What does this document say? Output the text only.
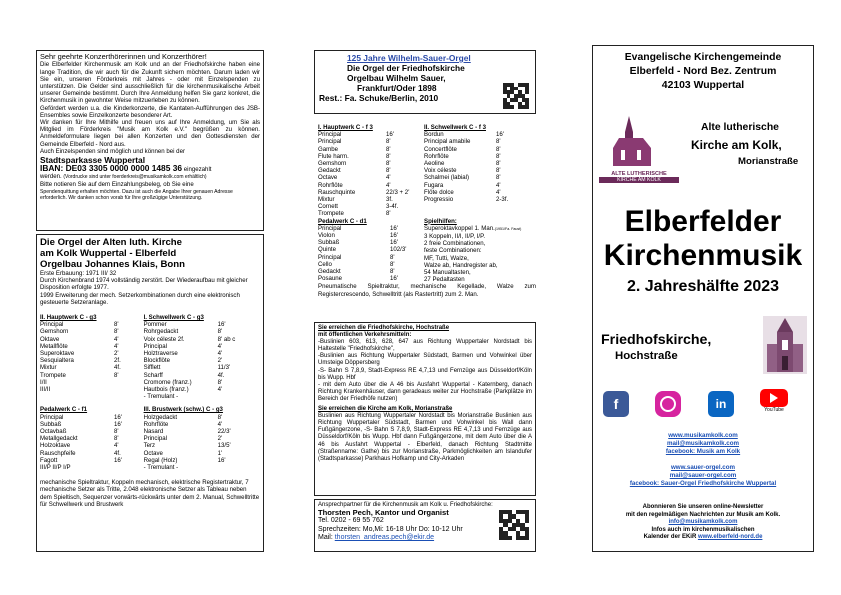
Sehr geehrte Konzerthörerinnen und Konzerthörer!
Die Elberfelder Kirchenmusik am Kolk und an der Friedhofskirche haben eine lange Tradition, die wir auch für die Zukunft sichern möchten. Darum laden wir Sie ein, unseren Förderkreis mit Jahres - oder mit Einzelspenden zu unterstützen. Die Gelder sind ausschließlich für die kirchenmusikalische Arbeit unserer Gemeinde bestimmt. Durch Ihre Anmeldung helfen Sie ganz konkret, die Kirchenmusik in gewohnter Weise mitzuerleben zu können.
Gefördert werden u.a. die Kinderkonzerte, die Kantaten-Aufführungen des JSB-Ensembles sowie Einzelkonzerte besonderer Art.
Wir danken für Ihre Mithilfe und freuen uns auf Ihre Anmeldung, um Sie als Mitglied im Förderkreis "Musik am Kolk e.V." begrüßen zu können. Anmeldeformulare liegen bei allen Konzerten und den Gottesdiensten der Gemeinde Elberfeld - Nord aus.
Auch Einzelspenden sind möglich und können bei der
Stadtsparkasse Wuppertal
IBAN: DE03 3305 0000 0000 1485 36 eingezahlt
werden. (Vordrucke sind unter foerderkreis@musikamkolk.com erhältlich)
Bitte notieren Sie auf dem Einzahlungsbeleg, ob Sie eine
Spendenquittung erhalten möchten. Dazu ist auch die Angabe Ihrer genauen Adresse erforderlich. Wir danken schon vorab für Ihre großzügige Unterstützung.
Die Orgel der Alten luth. Kirche
am Kolk Wuppertal - Elberfeld
Orgelbau Johannes Klais, Bonn
Erste Erbauung: 1971 III/ 32
Durch Kirchenbrand 1974 vollständig zerstört. Der Wiederaufbau mit gleicher Disposition erfolgte 1977.
1999 Erweiterung der mech. Setzerkombinationen durch eine elektronisch gesteuerte Setzeranlage.
II. Hauptwerk C - g3
Principal	8'
Gemshorn	8'
Oktave	4'
Metallflöte	4'
Superoktave	2'
Sesquialtera	2f.
Mixtur	4f.
Trompete	8'
I/II
III/II
I. Schwellwerk C - g3
Pommer	16'
Rohrgedackt	8'
Voix céleste 2f.	8' ab c
Principal	4'
Holztraverse	4'
Blockflöte	2'
Sifflett	11/3'
Scharff	4f.
Cromorne (franz.)	8'
Hautbois (franz.)	4'
- Tremulant -
Pedalwerk C - f1
Principal	16'
Subbaß	16'
Octavbaß	8'
Metallgedackt	8'
Holzoktave	4'
Rauschpfeife	4f.
Fagott	16'
III/P II/P I/P
III. Brustwerk (schw.) C - g3
Holzgedackt	8'
Rohrflöte	4'
Nasard	22/3'
Principal	2'
Terz	13/5'
Octave	1'
Regal (Holz)	16'
- Tremulant -
mechanische Spieltraktur, Koppeln mechanisch, elektrische Registertraktur, 7 mechanische Setzer als Tritte, 2.048 elektronische Setzer als Tableau neben dem Spieltisch, Sequenzer vorwärts-rückwärts unter dem 2. Manual, Schwelltritte für Schwellwerk und Brustwerk
125 Jahre Wilhelm-Sauer-Orgel
Die Orgel der Friedhofskirche
Orgelbau Wilhelm Sauer,
Frankfurt/Oder 1898
Rest.: Fa. Schuke/Berlin, 2010
I. Hauptwerk C - f 3
Principal	16'
Principal	8'
Gambe	8'
Flute harm.	8'
Gemshorn	8'
Gedackt	8'
Octave	4'
Rohrflöte	4'
Rauschquinte	22/3 + 2'
Mixtur	3f.
Cornett	3-4f.
Trompete	8'
II. Schwellwerk C - f 3
Bordun	16'
Principal amabile	8'
Concertflöte	8'
Rohrflöte	8'
Aeoline	8'
Voix céleste	8'
Schalmei (labial)	8'
Fugara	4'
Flöte dolce	4'
Progressio	2-3f.
Pedalwerk C - d1
Principal	16'
Violon	16'
Subbaß	16'
Quinte	102/3'
Principal	8'
Cello	8'
Gedackt	8'
Posaune	16'
Spielhilfen:
Superoktavkoppel 1. Man.(1951/Fa. Faust)
3 Koppeln, II/I, II/P, I/P.
2 freie Combinationen,
feste Combinationen:
MF, Tutti, Walze,
Walze ab, Handregister ab,
54 Manualtasten,
27 Pedaltasten
Pneumatische Spieltraktur, mechanische Kegellade, Walze zum Registercrescendo, Schwelltritt (als Rastertritt) zum 2. Man.
Sie erreichen die Friedhofskirche, Hochstraße
mit öffentlichen Verkehrsmitteln:
-Buslinien 603, 613, 628, 647 aus Richtung Wuppertaler Nordstadt bis Haltestelle "Friedhofskirche",
-Buslinien aus Richtung Wuppertaler Südstadt, Barmen und Vohwinkel über Umsteige Döppersberg
-S- Bahn S 7,8,9, Stadt-Express RE 4,7,13 und Fernzüge aus Düsseldorf/Köln bis Wupp. Hbf
- mit dem Auto über die A 46 bis Ausfahrt Wuppertal - Katernberg, danach Richtung Krankenhäuser, dann geradeaus weiter zur Hochstraße (Parkplätze im Bereich der Friedhöfe nutzen)
Sie erreichen die Kirche am Kolk, Morianstraße
Buslinien aus Richtung Wuppertaler Nordstadt bis Morianstraße Buslinien aus Richtung Wuppertaler Südstadt, Barmen und Vohwinkel bis Wall dann Fußgängerzone, -S- Bahn S 7,8,9, Stadt-Express RE 4,7,13 und Fernzüge aus Düsseldorf/Köln bis Wupp. Hbf dann Fußgängerzone, mit dem Auto über die A 46 bis Ausfahrt Wuppertal - Elberfeld, danach Richtung Stadtmitte (Straßenname: Gathe) bis zur Morianstraße, Parkmöglichkeiten am Islandufer (Stadtsparkasse) Parkhaus Hofkamp und City-Arkaden
Ansprechpartner für die Kirchenmusik am Kolk u. Friedhofskirche:
Thorsten Pech, Kantor und Organist
Tel. 0202 - 69 55 762
Sprechzeiten: Mo,Mi: 16-18 Uhr Do: 10-12 Uhr
Mail: thorsten_andreas.pech@ekir.de
Evangelische Kirchengemeinde
Elberfeld - Nord Bez. Zentrum
42103 Wuppertal
ALTE LUTHERISCHE
KIRCHE AM KOLK
Alte lutherische
Kirche am Kolk,
Morianstraße
Elberfelder
Kirchenmusik
2. Jahreshälfte 2023
Friedhofskirche,
Hochstraße
f	in	YouTube
www.musikamkolk.com
mail@musikamkolk.com
facebook: Musik am Kolk
www.sauer-orgel.com
mail@sauer-orgel.com
facebook: Sauer-Orgel Friedhofskirche Wuppertal
Abonnieren Sie unseren online-Newsletter
mit den regelmäßigen Nachrichten zur Musik am Kolk.
info@musikamkolk.com
Infos auch im kirchenmusikalischen
Kalender der EKiR www.elberfeld-nord.de
